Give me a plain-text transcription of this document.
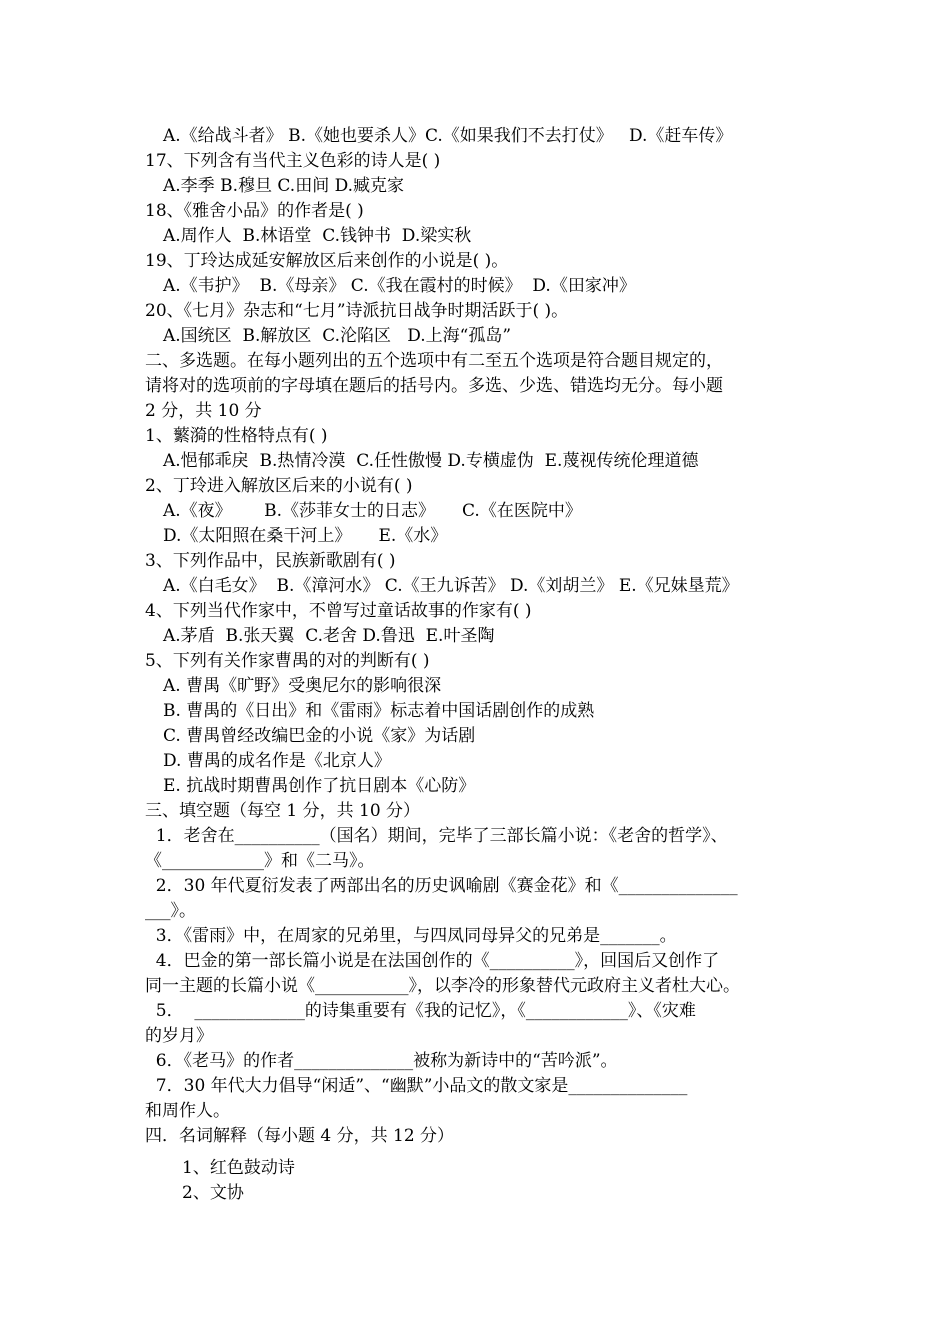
A.《给战斗者》 B.《她也要杀人》C.《如果我们不去打仗》   D.《赶车传》
17、下列含有当代主义色彩的诗人是( )
A.李季 B.穆旦 C.田间 D.臧克家
18、《雅舍小品》的作者是( )
A.周作人  B.林语堂  C.钱钟书  D.梁实秋
19、丁玲达成延安解放区后来创作的小说是( )。
A.《韦护》  B.《母亲》 C.《我在霞村的时候》  D.《田家冲》
20、《七月》杂志和“七月”诗派抗日战争时期活跃于( )。
A.国统区  B.解放区  C.沦陷区   D.上海“孤岛”
二、多选题。在每小题列出的五个选项中有二至五个选项是符合题目规定的，
请将对的选项前的字母填在题后的括号内。多选、少选、错选均无分。每小题
2 分，共 10 分
1、蘩漪的性格特点有( )
A.悒郁乖戾  B.热情冷漠  C.任性傲慢 D.专横虚伪  E.蔑视传统伦理道德
2、丁玲进入解放区后来的小说有( )
A.《夜》      B.《莎菲女士的日志》     C.《在医院中》
D.《太阳照在桑干河上》     E.《水》
3、下列作品中，民族新歌剧有( )
A.《白毛女》  B.《漳河水》 C.《王九诉苦》 D.《刘胡兰》 E.《兄妹垦荒》
4、下列当代作家中，不曾写过童话故事的作家有( )
A.茅盾  B.张天翼  C.老舍 D.鲁迅  E.叶圣陶
5、下列有关作家曹禺的对的判断有( )
A. 曹禺《旷野》受奥尼尔的影响很深
B. 曹禺的《日出》和《雷雨》标志着中国话剧创作的成熟
C. 曹禺曾经改编巴金的小说《家》为话剧
D. 曹禺的成名作是《北京人》
E. 抗战时期曹禺创作了抗日剧本《心防》
三、填空题（每空 1 分，共 10 分）
1．老舍在__________（国名）期间，完毕了三部长篇小说：《老舍的哲学》、
《____________》和《二马》。
2．30 年代夏衍发表了两部出名的历史讽喻剧《赛金花》和《______________
___》。
3．《雷雨》中，在周家的兄弟里，与四凤同母异父的兄弟是_______。
4．巴金的第一部长篇小说是在法国创作的《__________》，回国后又创作了
同一主题的长篇小说《___________》，以李冷的形象替代元政府主义者杜大心。
5．  _____________的诗集重要有《我的记忆》，《____________》、《灾难
的岁月》
6．《老马》的作者______________被称为新诗中的“苦吟派”。
7．30 年代大力倡导“闲适”、“幽默”小品文的散文家是______________
和周作人。
四．名词解释（每小题 4 分，共 12 分）
1、红色鼓动诗
2、文协
